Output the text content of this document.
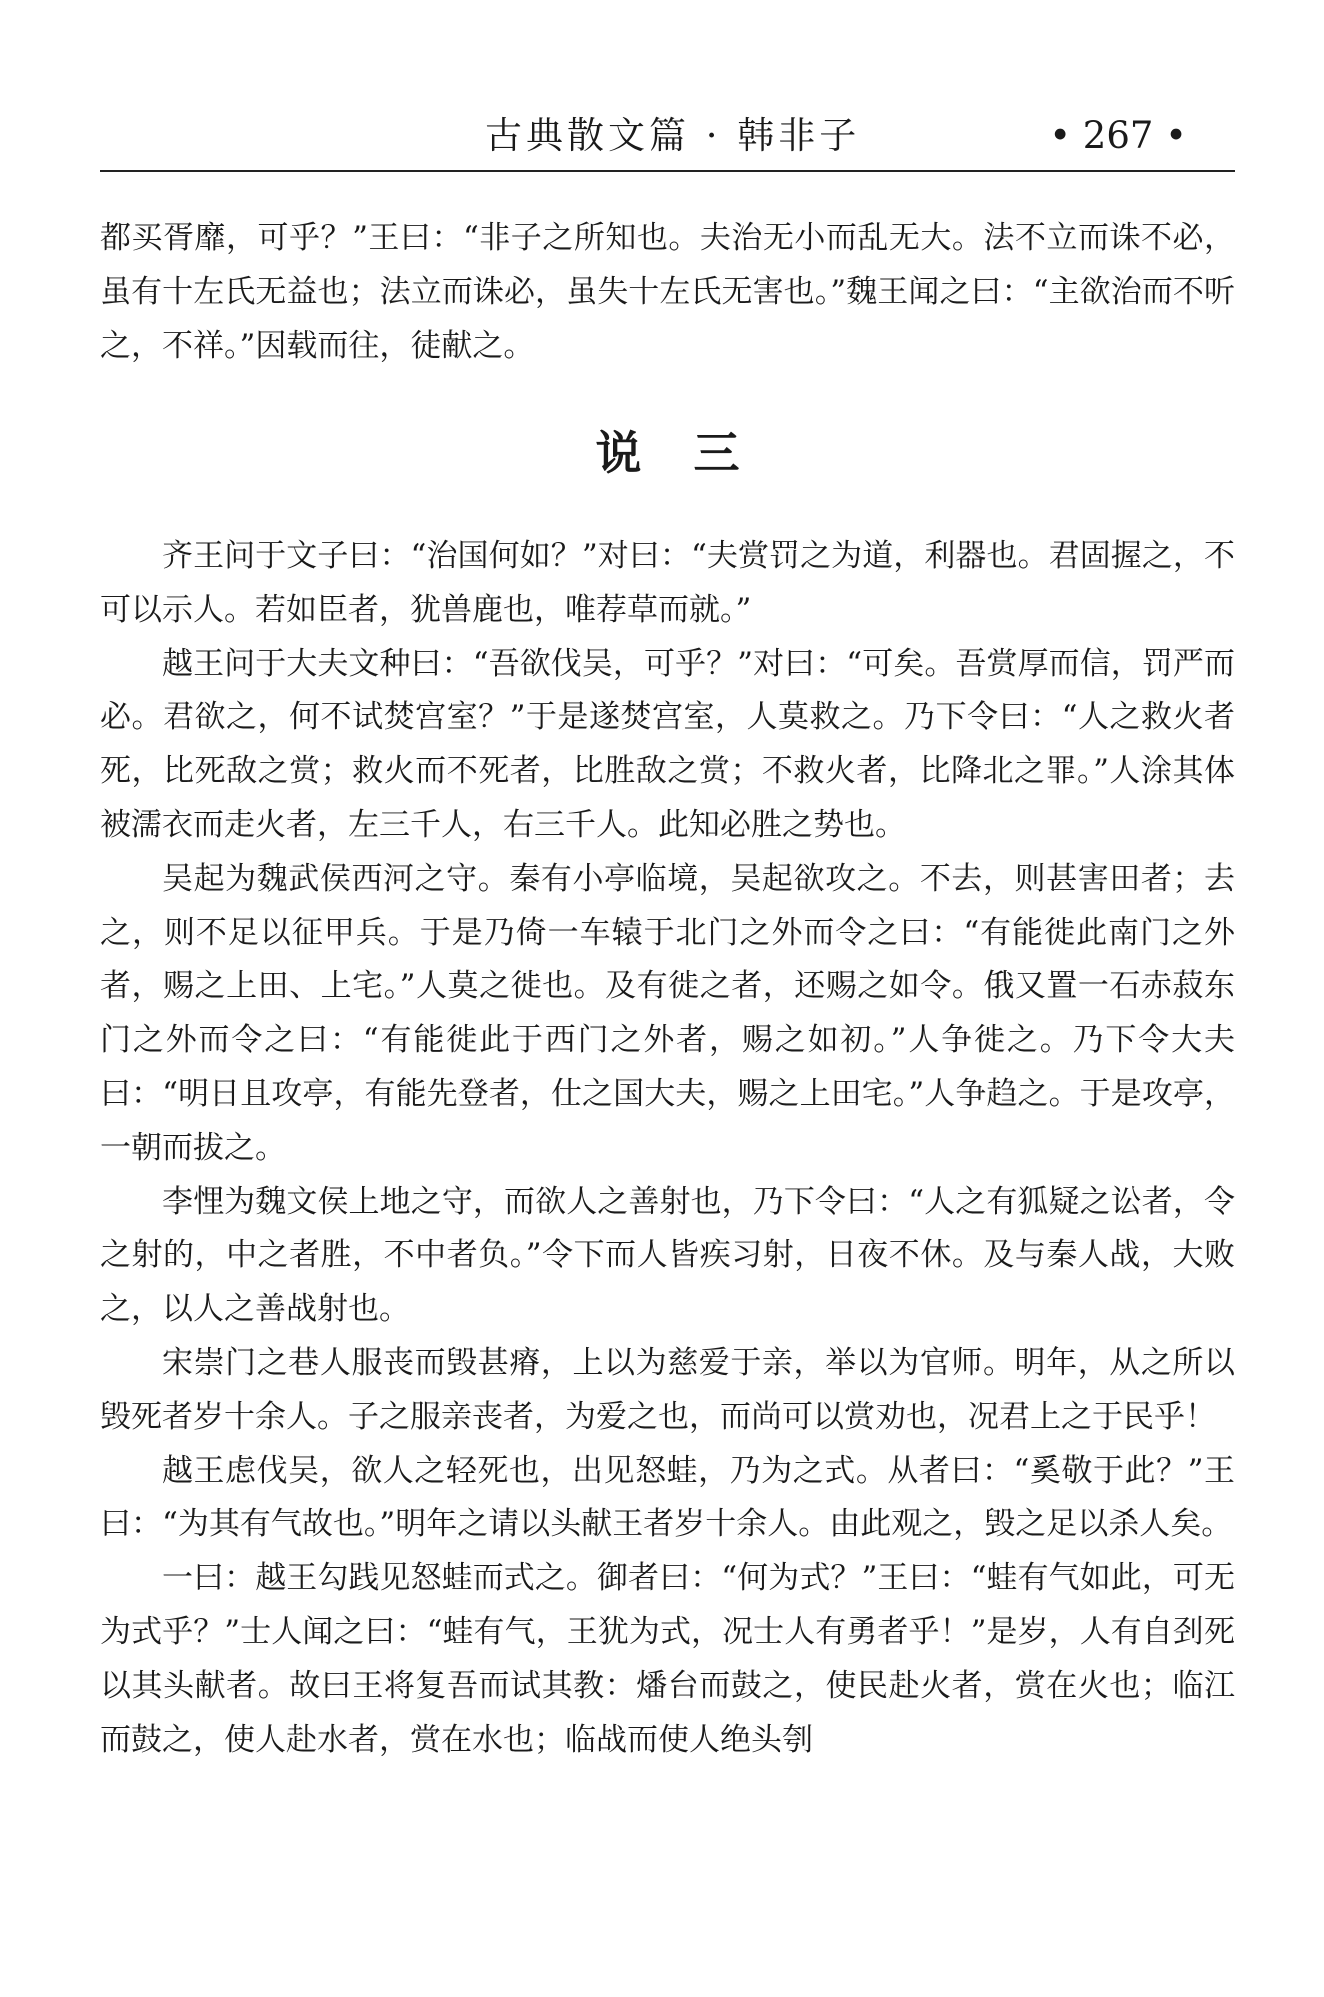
古典散文篇 · 韩非子	• 267 •

都买胥靡，可乎？”王曰：“非子之所知也。夫治无小而乱无大。法不立而诛不必，虽有十左氏无益也；法立而诛必，虽失十左氏无害也。”魏王闻之曰：“主欲治而不听之，不祥。”因载而往，徒献之。

说三

齐王问于文子曰：“治国何如？”对曰：“夫赏罚之为道，利器也。君固握之，不可以示人。若如臣者，犹兽鹿也，唯荐草而就。”

越王问于大夫文种曰：“吾欲伐吴，可乎？”对曰：“可矣。吾赏厚而信，罚严而必。君欲之，何不试焚宫室？”于是遂焚宫室，人莫救之。乃下令曰：“人之救火者死，比死敌之赏；救火而不死者，比胜敌之赏；不救火者，比降北之罪。”人涂其体被濡衣而走火者，左三千人，右三千人。此知必胜之势也。

吴起为魏武侯西河之守。秦有小亭临境，吴起欲攻之。不去，则甚害田者；去之，则不足以征甲兵。于是乃倚一车辕于北门之外而令之曰：“有能徙此南门之外者，赐之上田、上宅。”人莫之徙也。及有徙之者，还赐之如令。俄又置一石赤菽东门之外而令之曰：“有能徙此于西门之外者，赐之如初。”人争徙之。乃下令大夫曰：“明日且攻亭，有能先登者，仕之国大夫，赐之上田宅。”人争趋之。于是攻亭，一朝而拔之。

李悝为魏文侯上地之守，而欲人之善射也，乃下令曰：“人之有狐疑之讼者，令之射的，中之者胜，不中者负。”令下而人皆疾习射，日夜不休。及与秦人战，大败之，以人之善战射也。

宋崇门之巷人服丧而毁甚瘠，上以为慈爱于亲，举以为官师。明年，从之所以毁死者岁十余人。子之服亲丧者，为爱之也，而尚可以赏劝也，况君上之于民乎！

越王虑伐吴，欲人之轻死也，出见怒蛙，乃为之式。从者曰：“奚敬于此？”王曰：“为其有气故也。”明年之请以头献王者岁十余人。由此观之，毁之足以杀人矣。

一曰：越王勾践见怒蛙而式之。御者曰：“何为式？”王曰：“蛙有气如此，可无为式乎？”士人闻之曰：“蛙有气，王犹为式，况士人有勇者乎！”是岁，人有自刭死以其头献者。故曰王将复吾而试其教：燔台而鼓之，使民赴火者，赏在火也；临江而鼓之，使人赴水者，赏在水也；临战而使人绝头刳
